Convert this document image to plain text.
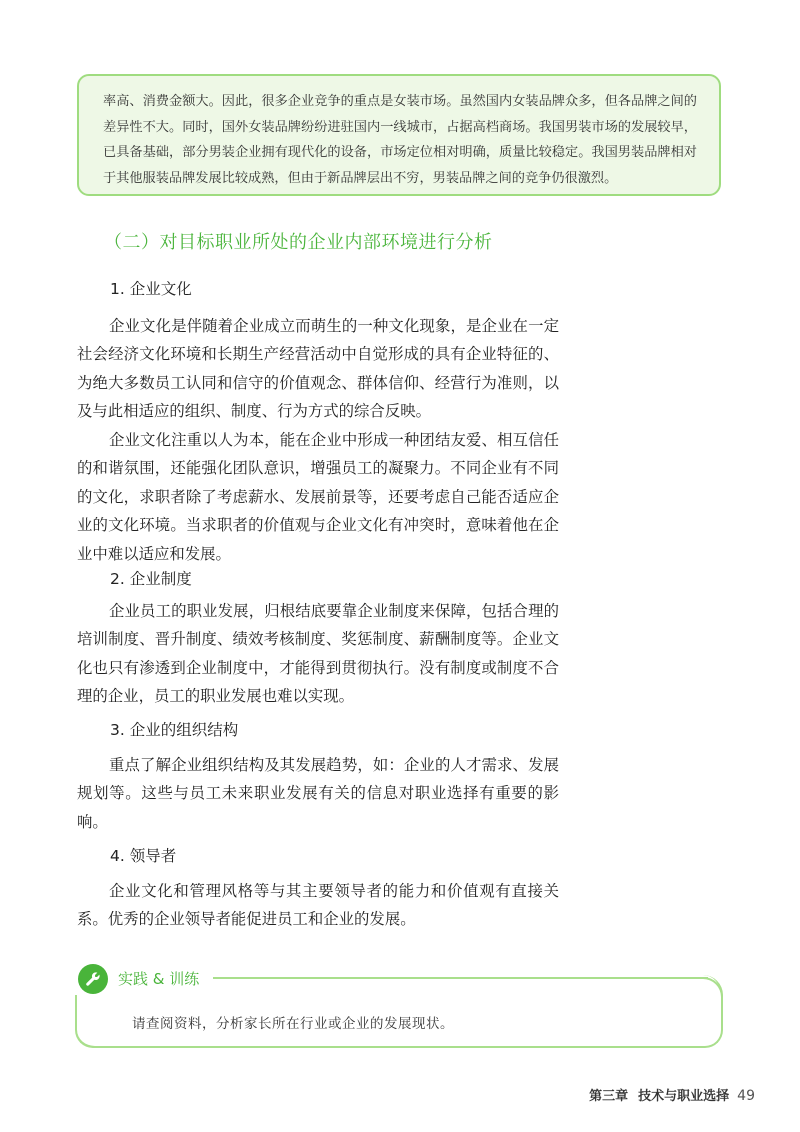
率高、消费金额大。因此，很多企业竞争的重点是女装市场。虽然国内女装品牌众多，但各品牌之间的差异性不大。同时，国外女装品牌纷纷进驻国内一线城市，占据高档商场。我国男装市场的发展较早，已具备基础，部分男装企业拥有现代化的设备，市场定位相对明确，质量比较稳定。我国男装品牌相对于其他服装品牌发展比较成熟，但由于新品牌层出不穷，男装品牌之间的竞争仍很激烈。

（二）对目标职业所处的企业内部环境进行分析
1. 企业文化

企业文化是伴随着企业成立而萌生的一种文化现象，是企业在一定社会经济文化环境和长期生产经营活动中自觉形成的具有企业特征的、为绝大多数员工认同和信守的价值观念、群体信仰、经营行为准则，以及与此相适应的组织、制度、行为方式的综合反映。

企业文化注重以人为本，能在企业中形成一种团结友爱、相互信任的和谐氛围，还能强化团队意识，增强员工的凝聚力。不同企业有不同的文化，求职者除了考虑薪水、发展前景等，还要考虑自己能否适应企业的文化环境。当求职者的价值观与企业文化有冲突时，意味着他在企业中难以适应和发展。

2. 企业制度

企业员工的职业发展，归根结底要靠企业制度来保障，包括合理的培训制度、晋升制度、绩效考核制度、奖惩制度、薪酬制度等。企业文化也只有渗透到企业制度中，才能得到贯彻执行。没有制度或制度不合理的企业，员工的职业发展也难以实现。

3. 企业的组织结构

重点了解企业组织结构及其发展趋势，如：企业的人才需求、发展规划等。这些与员工未来职业发展有关的信息对职业选择有重要的影响。

4. 领导者

企业文化和管理风格等与其主要领导者的能力和价值观有直接关系。优秀的企业领导者能促进员工和企业的发展。

实践 & 训练
请查阅资料，分析家长所在行业或企业的发展现状。
第三章 技术与职业选择 49
